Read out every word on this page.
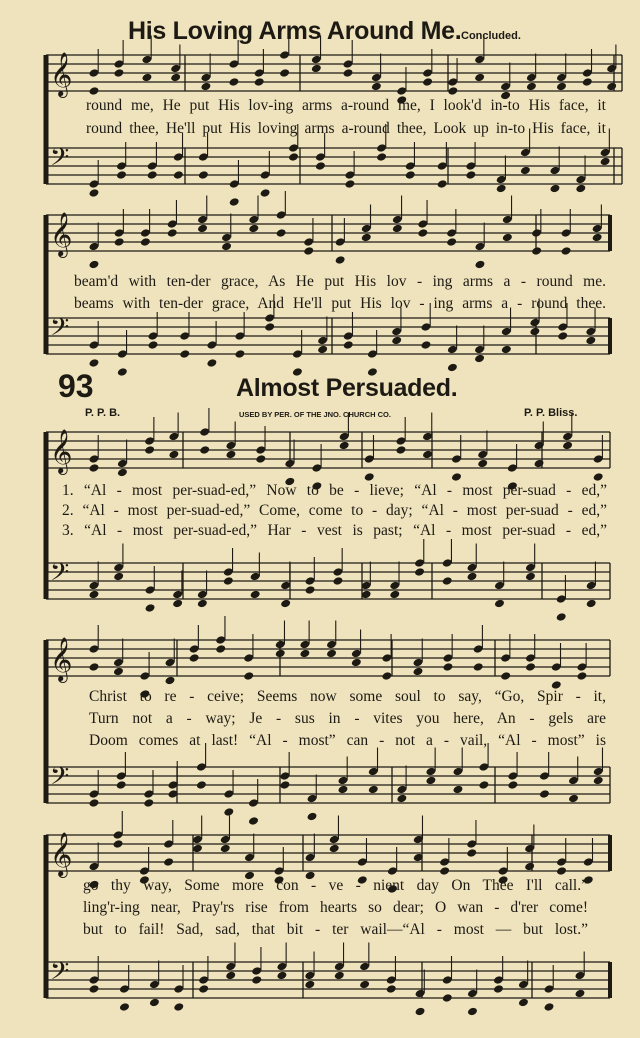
𝄞
𝄢
𝄞
𝄢
𝄞
𝄢
𝄞
𝄢
𝄞
𝄢
His Loving Arms Around Me. Concluded.
round me, He put His lov-ing arms a-round me, I look'd in-to His face, it
round thee, He'll put His loving arms a-round thee, Look up in-to His face, it
beam'd with ten-der grace, As He put His lov - ing arms a - round me.
beams with ten-der grace, And He'll put His lov - ing arms a - round thee.
93	Almost Persuaded.
P. P. B.	USED BY PER. OF THE JNO. CHURCH CO.	P. P. Bliss.
1. “Al - most per-suad-ed,” Now to be - lieve; “Al - most per-suad - ed,”
2. “Al - most per-suad-ed,” Come, come to - day; “Al - most per-suad - ed,”
3. “Al - most per-suad-ed,” Har - vest is past; “Al - most per-suad - ed,”
Christ to re - ceive; Seems now some soul to say, “Go, Spir - it,
Turn not a - way; Je - sus in - vites you here, An - gels are
Doom comes at last! “Al - most” can - not a - vail, “Al - most” is
go thy way, Some more con - ve - nient day On Thee I'll call.”
ling'r-ing near, Pray'rs rise from hearts so dear; O wan - d'rer come!
but to fail! Sad, sad, that bit - ter wail—“Al - most — but lost.”
